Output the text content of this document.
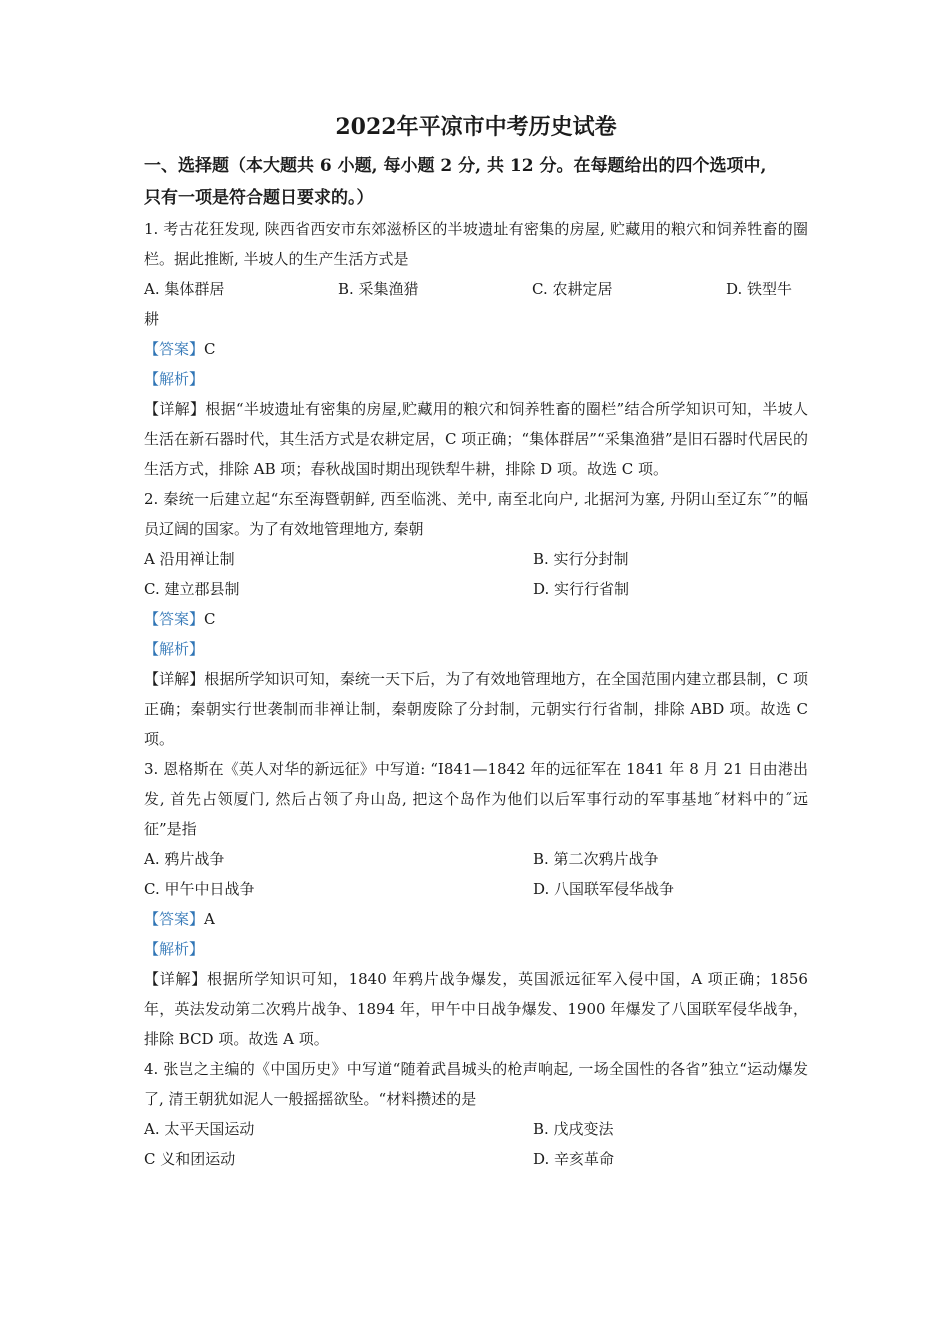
2022年平凉市中考历史试卷

一、选择题（本大题共 6 小题, 每小题 2 分, 共 12 分。在每题给出的四个选项中,

只有一项是符合题日要求的。）

1. 考古花狂发现, 陕西省西安市东郊滋桥区的半坡遗址有密集的房屋, 贮藏用的粮穴和饲养牲畜的圈栏。据此推断, 半坡人的生产生活方式是

A. 集体群居	B. 采集渔猎	C. 农耕定居	D. 铁型牛
耕

【答案】C

【解析】

【详解】根据“半坡遗址有密集的房屋,贮藏用的粮穴和饲养牲畜的圈栏”结合所学知识可知，半坡人生活在新石器时代，其生活方式是农耕定居，C 项正确；“集体群居”“采集渔猎”是旧石器时代居民的生活方式，排除 AB 项；春秋战国时期出现铁犁牛耕，排除 D 项。故选 C 项。

2. 秦统一后建立起“东至海暨朝鲜, 西至临洮、羌中, 南至北向户, 北据河为塞, 丹阴山至辽东˝”的幅员辽阔的国家。为了有效地管理地方, 秦朝

A 沿用禅让制	B. 实行分封制
C. 建立郡县制	D. 实行行省制

【答案】C

【解析】

【详解】根据所学知识可知，秦统一天下后，为了有效地管理地方，在全国范围内建立郡县制，C 项正确；秦朝实行世袭制而非禅让制，秦朝废除了分封制，元朝实行行省制，排除 ABD 项。故选 C 项。

3. 恩格斯在《英人对华的新远征》中写道: “I841—1842 年的远征军在 1841 年 8 月 21 日由港出发, 首先占领厦门, 然后占领了舟山岛, 把这个岛作为他们以后军事行动的军事基地˝材料中的˝远征”是指

A. 鸦片战争	B. 第二次鸦片战争
C. 甲午中日战争	D. 八国联军侵华战争

【答案】A

【解析】

【详解】根据所学知识可知，1840 年鸦片战争爆发，英国派远征军入侵中国，A 项正确；1856 年，英法发动第二次鸦片战争、1894 年，甲午中日战争爆发、1900 年爆发了八国联军侵华战争，排除 BCD 项。故选 A 项。

4. 张岂之主编的《中国历史》中写道“随着武昌城头的枪声响起, 一场全国性的各省”独立“运动爆发了, 清王朝犹如泥人一般摇摇欲坠。“材料攒述的是

A. 太平天国运动	B. 戊戌变法
C 义和团运动	D. 辛亥革命
